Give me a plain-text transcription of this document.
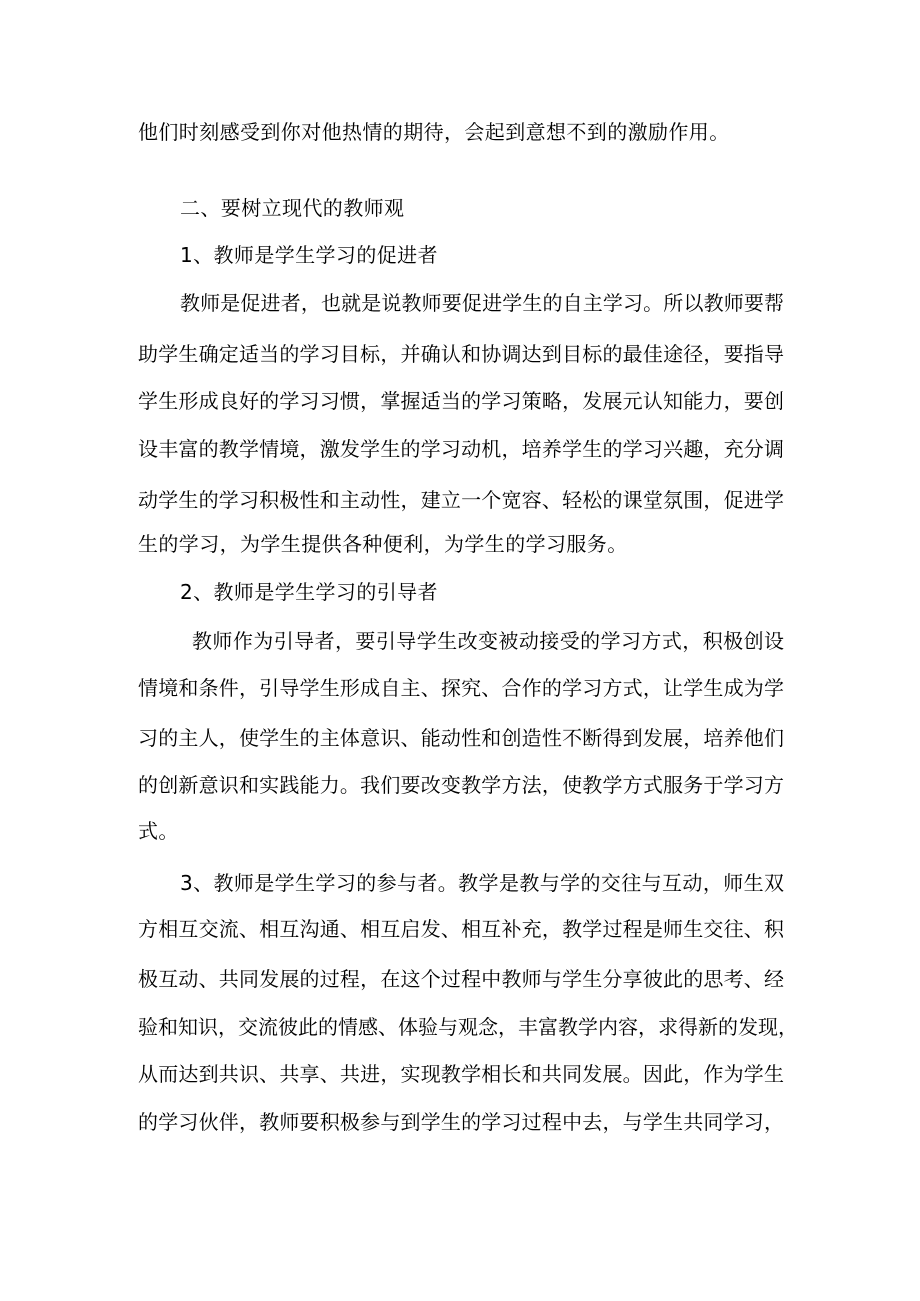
他们时刻感受到你对他热情的期待，会起到意想不到的激励作用。
二、要树立现代的教师观
1、教师是学生学习的促进者
教师是促进者，也就是说教师要促进学生的自主学习。所以教师要帮
助学生确定适当的学习目标，并确认和协调达到目标的最佳途径，要指导
学生形成良好的学习习惯，掌握适当的学习策略，发展元认知能力，要创
设丰富的教学情境，激发学生的学习动机，培养学生的学习兴趣，充分调
动学生的学习积极性和主动性，建立一个宽容、轻松的课堂氛围，促进学
生的学习，为学生提供各种便利，为学生的学习服务。
2、教师是学生学习的引导者
教师作为引导者，要引导学生改变被动接受的学习方式，积极创设
情境和条件，引导学生形成自主、探究、合作的学习方式，让学生成为学
习的主人，使学生的主体意识、能动性和创造性不断得到发展，培养他们
的创新意识和实践能力。我们要改变教学方法，使教学方式服务于学习方
式。
3、教师是学生学习的参与者。教学是教与学的交往与互动，师生双
方相互交流、相互沟通、相互启发、相互补充，教学过程是师生交往、积
极互动、共同发展的过程，在这个过程中教师与学生分享彼此的思考、经
验和知识，交流彼此的情感、体验与观念，丰富教学内容，求得新的发现，
从而达到共识、共享、共进，实现教学相长和共同发展。因此，作为学生
的学习伙伴，教师要积极参与到学生的学习过程中去，与学生共同学习，
